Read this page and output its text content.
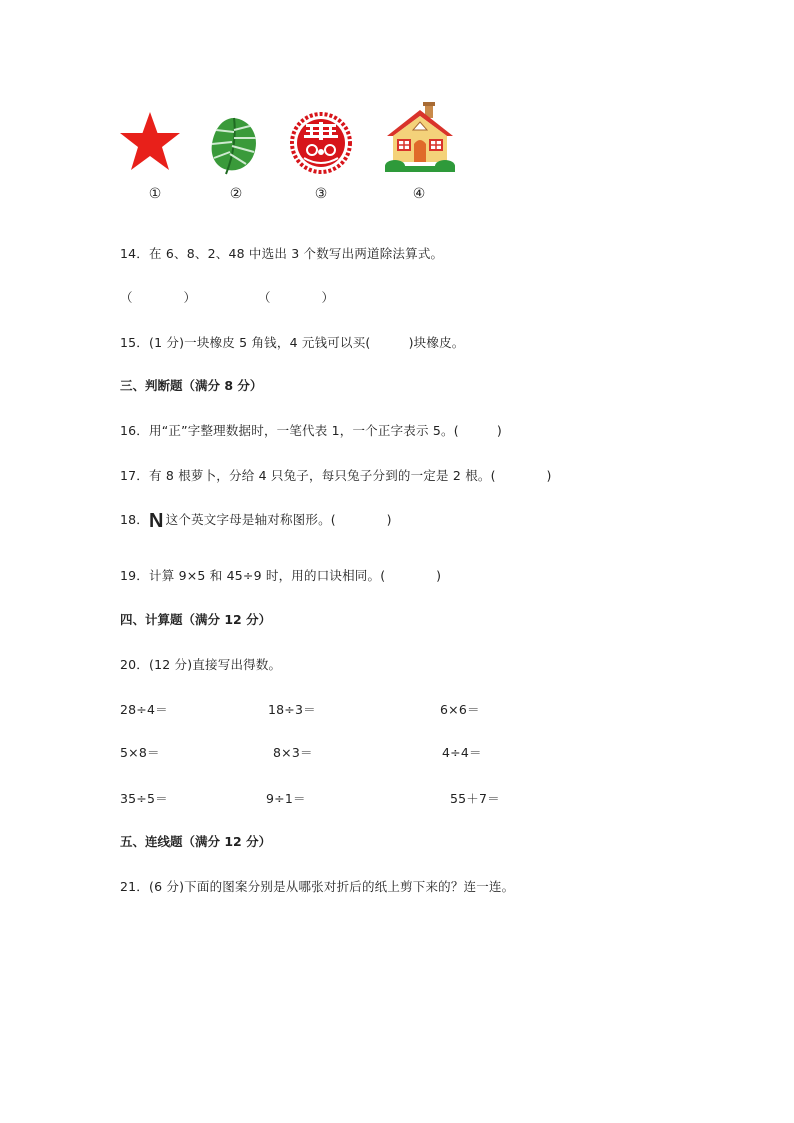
①	②	③	④
14．在 6、8、2、48 中选出 3 个数写出两道除法算式。
（　　　　）	（　　　　）
15．(1 分)一块橡皮 5 角钱，4 元钱可以买(　　　)块橡皮。
三、判断题（满分 8 分）
16．用“正”字整理数据时，一笔代表 1，一个正字表示 5。(　　　)
17．有 8 根萝卜，分给 4 只兔子，每只兔子分到的一定是 2 根。(　　　　)
18．N 这个英文字母是轴对称图形。(　　　　)
19．计算 9×5 和 45÷9 时，用的口诀相同。(　　　　)
四、计算题（满分 12 分）
20．(12 分)直接写出得数。
28÷4＝	18÷3＝	6×6＝
5×8＝	8×3＝	4÷4＝
35÷5＝	9÷1＝	55＋7＝
五、连线题（满分 12 分）
21．(6 分)下面的图案分别是从哪张对折后的纸上剪下来的？连一连。
